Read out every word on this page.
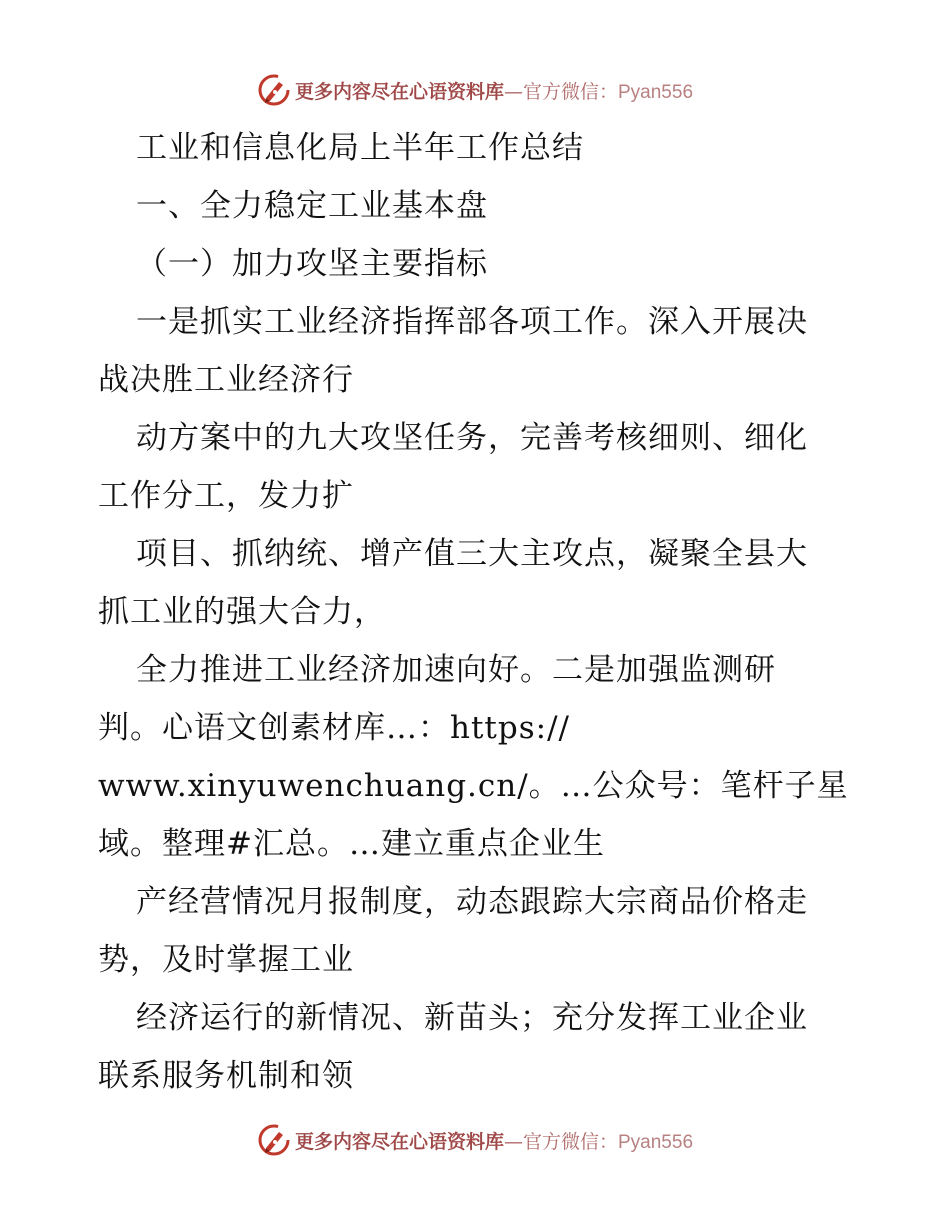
更多内容尽在心语资料库—官方微信：Pyan556
工业和信息化局上半年工作总结
一、全力稳定工业基本盘
（一）加力攻坚主要指标
一是抓实工业经济指挥部各项工作。深入开展决
战决胜工业经济行
动方案中的九大攻坚任务，完善考核细则、细化
工作分工，发力扩
项目、抓纳统、增产值三大主攻点，凝聚全县大
抓工业的强大合力，
全力推进工业经济加速向好。二是加强监测研
判。心语文创素材库…：https://
www.xinyuwenchuang.cn/。…公众号：笔杆子星
域。整理#汇总。…建立重点企业生
产经营情况月报制度，动态跟踪大宗商品价格走
势，及时掌握工业
经济运行的新情况、新苗头；充分发挥工业企业
联系服务机制和领
更多内容尽在心语资料库—官方微信：Pyan556
